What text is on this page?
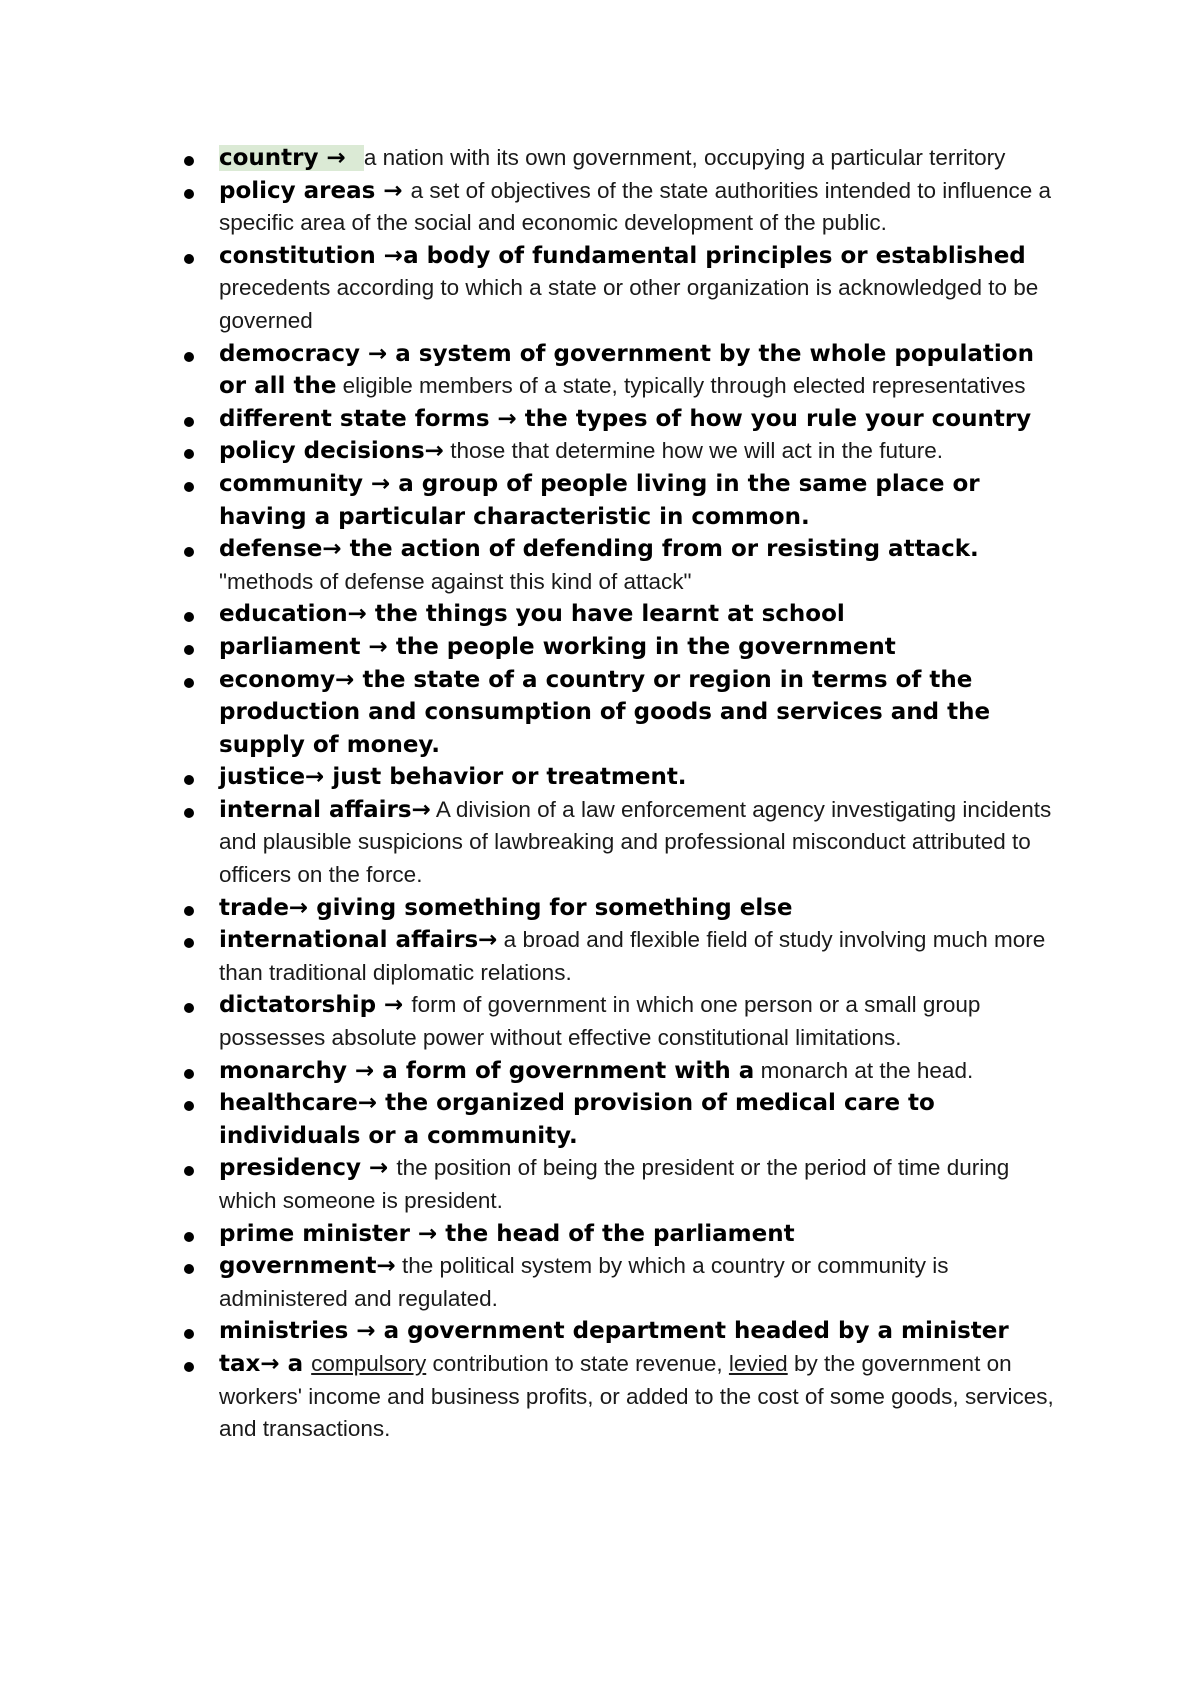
country → a nation with its own government, occupying a particular territory
policy areas → a set of objectives of the state authorities intended to influence a specific area of the social and economic development of the public.
constitution →a body of fundamental principles or established precedents according to which a state or other organization is acknowledged to be governed
democracy → a system of government by the whole population or all the eligible members of a state, typically through elected representatives
different state forms → the types of how you rule your country
policy decisions→ those that determine how we will act in the future.
community → a group of people living in the same place or having a particular characteristic in common.
defense→ the action of defending from or resisting attack. "methods of defense against this kind of attack"
education→ the things you have learnt at school
parliament → the people working in the government
economy→ the state of a country or region in terms of the production and consumption of goods and services and the supply of money.
justice→ just behavior or treatment.
internal affairs→ A division of a law enforcement agency investigating incidents and plausible suspicions of lawbreaking and professional misconduct attributed to officers on the force.
trade→ giving something for something else
international affairs→ a broad and flexible field of study involving much more than traditional diplomatic relations.
dictatorship → form of government in which one person or a small group possesses absolute power without effective constitutional limitations.
monarchy → a form of government with a monarch at the head.
healthcare→ the organized provision of medical care to individuals or a community.
presidency → the position of being the president or the period of time during which someone is president.
prime minister → the head of the parliament
government→ the political system by which a country or community is administered and regulated.
ministries → a government department headed by a minister
tax→ a compulsory contribution to state revenue, levied by the government on workers' income and business profits, or added to the cost of some goods, services, and transactions.
